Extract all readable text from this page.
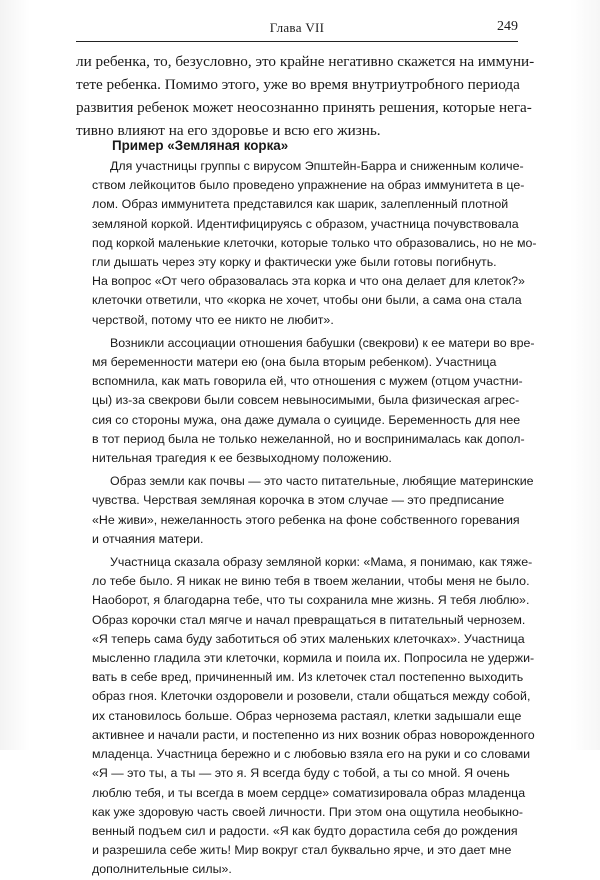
Глава VII	249
ли ребенка, то, безусловно, это крайне негативно скажется на иммуни-
тете ребенка. Помимо этого, уже во время внутриутробного периода
развития ребенок может неосознанно принять решения, которые нега-
тивно влияют на его здоровье и всю его жизнь.
Пример «Земляная корка»
Для участницы группы с вирусом Эпштейн-Барра и сниженным количе-
ством лейкоцитов было проведено упражнение на образ иммунитета в це-
лом. Образ иммунитета представился как шарик, залепленный плотной
земляной коркой. Идентифицируясь с образом, участница почувствовала
под коркой маленькие клеточки, которые только что образовались, но не мо-
гли дышать через эту корку и фактически уже были готовы погибнуть.
На вопрос «От чего образовалась эта корка и что она делает для клеток?»
клеточки ответили, что «корка не хочет, чтобы они были, а сама она стала
черствой, потому что ее никто не любит».
Возникли ассоциации отношения бабушки (свекрови) к ее матери во вре-
мя беременности матери ею (она была вторым ребенком). Участница
вспомнила, как мать говорила ей, что отношения с мужем (отцом участни-
цы) из-за свекрови были совсем невыносимыми, была физическая агрес-
сия со стороны мужа, она даже думала о суициде. Беременность для нее
в тот период была не только нежеланной, но и воспринималась как допол-
нительная трагедия к ее безвыходному положению.
Образ земли как почвы — это часто питательные, любящие материнские
чувства. Черствая земляная корочка в этом случае — это предписание
«Не живи», нежеланность этого ребенка на фоне собственного горевания
и отчаяния матери.
Участница сказала образу земляной корки: «Мама, я понимаю, как тяже-
ло тебе было. Я никак не виню тебя в твоем желании, чтобы меня не было.
Наоборот, я благодарна тебе, что ты сохранила мне жизнь. Я тебя люблю».
Образ корочки стал мягче и начал превращаться в питательный чернозем.
«Я теперь сама буду заботиться об этих маленьких клеточках». Участница
мысленно гладила эти клеточки, кормила и поила их. Попросила не удержи-
вать в себе вред, причиненный им. Из клеточек стал постепенно выходить
образ гноя. Клеточки оздоровели и розовели, стали общаться между собой,
их становилось больше. Образ чернозема растаял, клетки задышали еще
активнее и начали расти, и постепенно из них возник образ новорожденного
младенца. Участница бережно и с любовью взяла его на руки и со словами
«Я — это ты, а ты — это я. Я всегда буду с тобой, а ты со мной. Я очень
люблю тебя, и ты всегда в моем сердце» соматизировала образ младенца
как уже здоровую часть своей личности. При этом она ощутила необыкно-
венный подъем сил и радости. «Я как будто дорастила себя до рождения
и разрешила себе жить! Мир вокруг стал буквально ярче, и это дает мне
дополнительные силы».
